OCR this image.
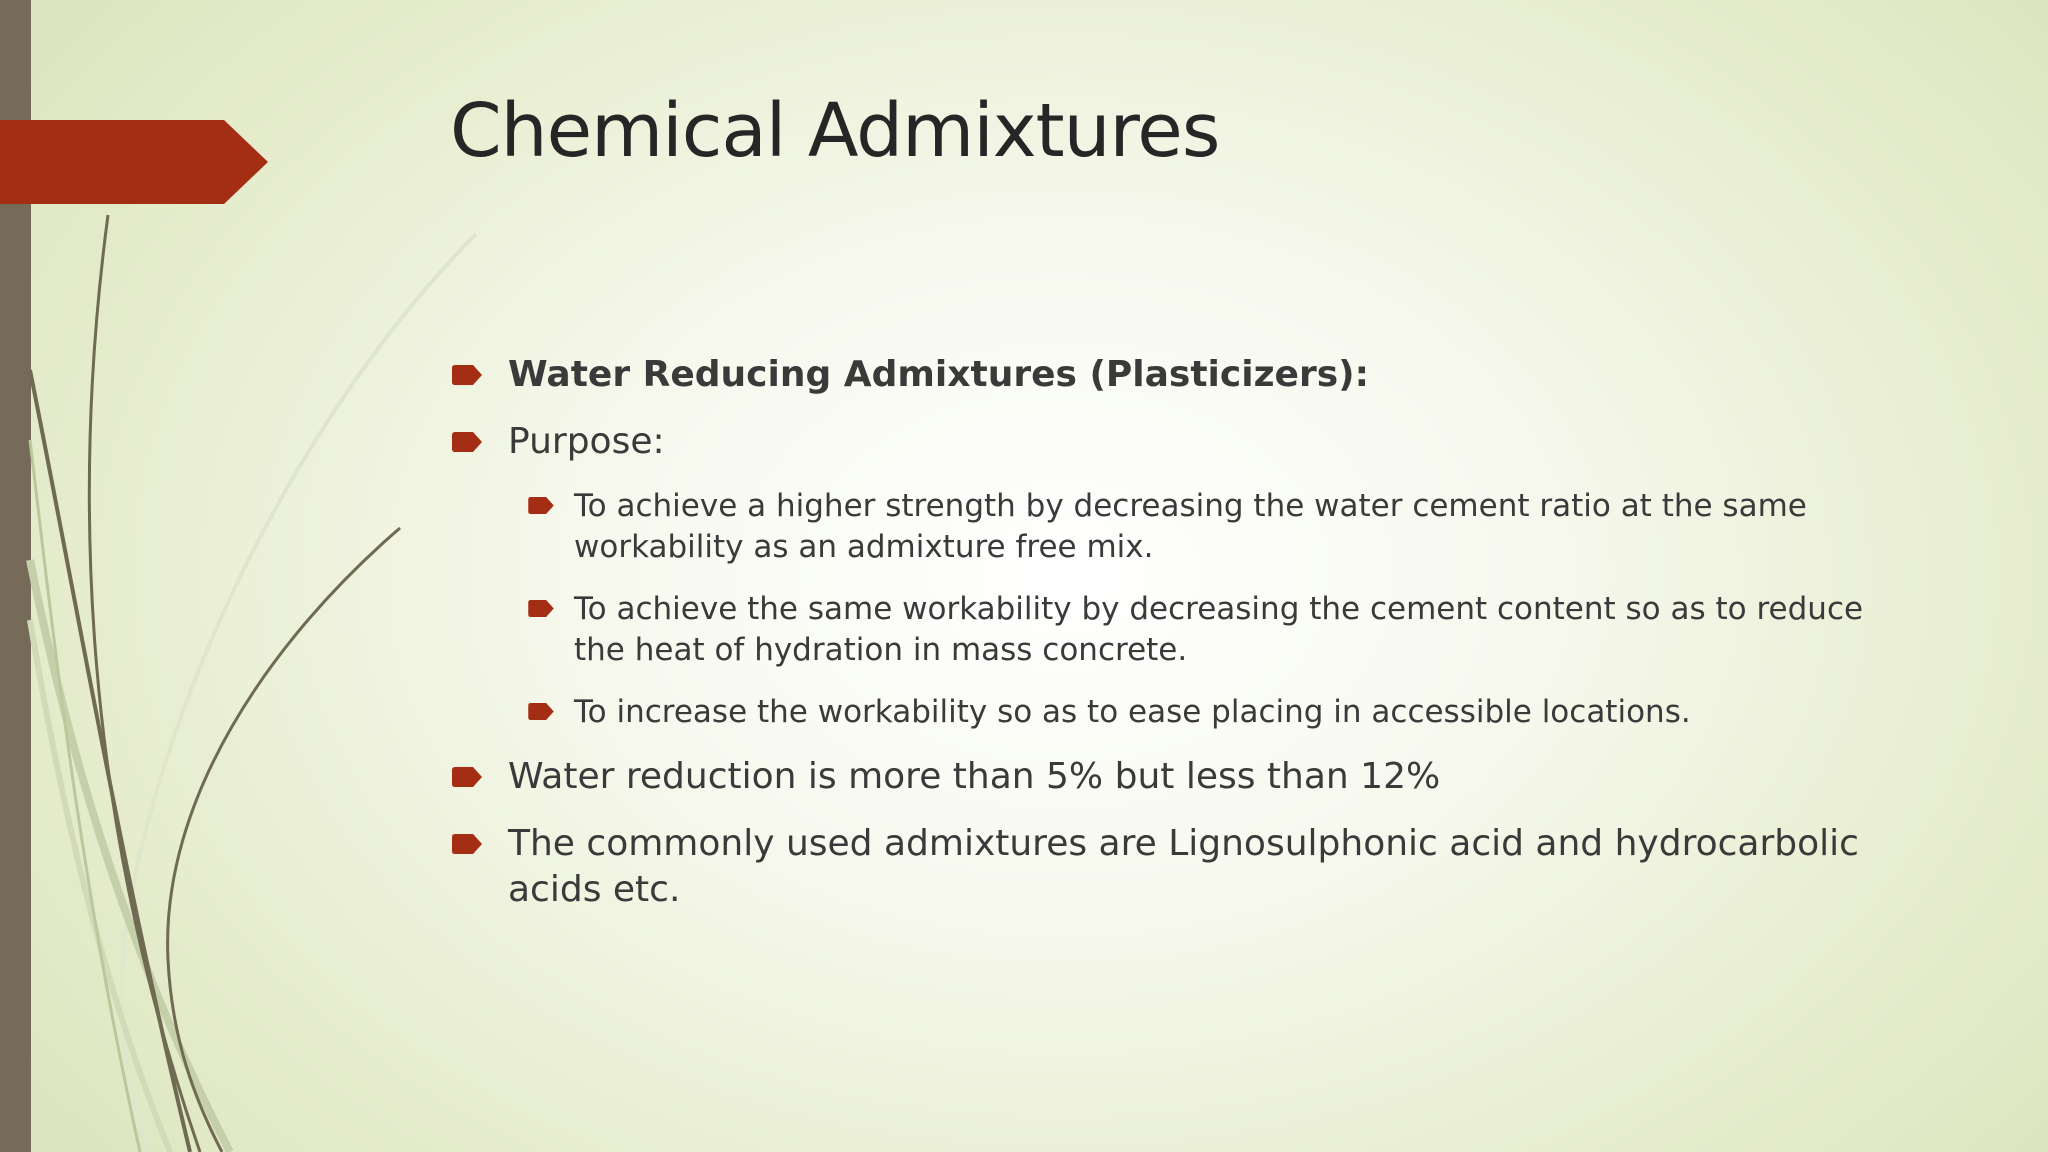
Chemical Admixtures
Water Reducing Admixtures (Plasticizers):
Purpose:
To achieve a higher strength by decreasing the water cement ratio at the same workability as an admixture free mix.
To achieve the same workability by decreasing the cement content so as to reduce the heat of hydration in mass concrete.
To increase the workability so as to ease placing in accessible locations.
Water reduction is more than 5% but less than 12%
The commonly used admixtures are Lignosulphonic acid and hydrocarbolic acids etc.
